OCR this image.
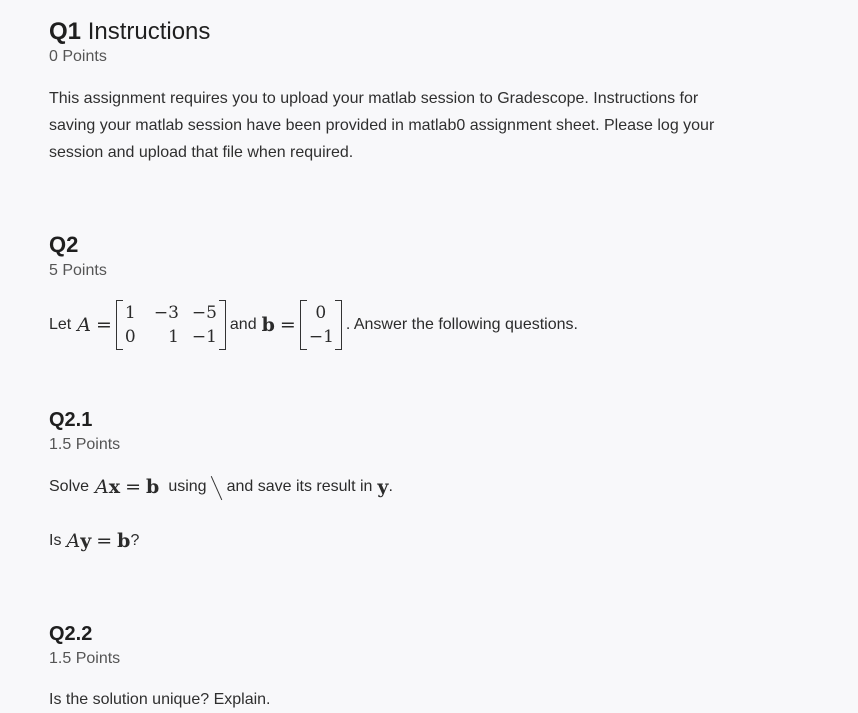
Q1 Instructions
0 Points
This assignment requires you to upload your matlab session to Gradescope. Instructions for
saving your matlab session have been provided in matlab0 assignment sheet. Please log your
session and upload that file when required.
Q2
5 Points
Let A =
1	−3 −5
0	1 −1
and b =
0
−1
. Answer the following questions.
Q2.1
1.5 Points
Solve A x = b using and save its result in y .
Is A y = b ?
Q2.2
1.5 Points
Is the solution unique? Explain.
